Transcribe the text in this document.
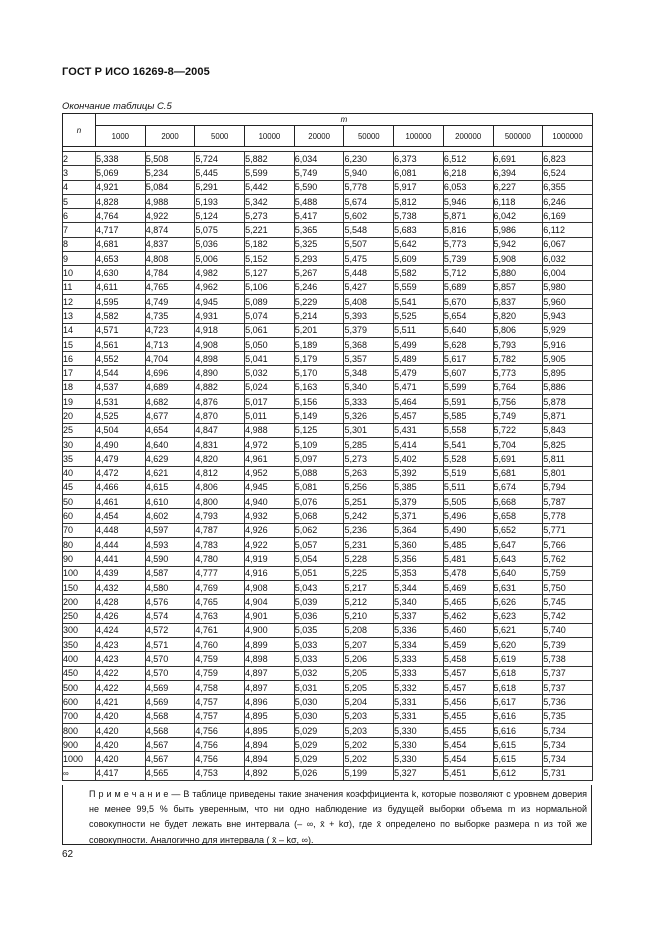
ГОСТ Р ИСО 16269-8—2005
Окончание таблицы С.5
n	m									
	1000	2000	5000	10000	20000	50000	100000	200000	500000	1000000

2	5,338	5,508	5,724	5,882	6,034	6,230	6,373	6,512	6,691	6,823
3	5,069	5,234	5,445	5,599	5,749	5,940	6,081	6,218	6,394	6,524
4	4,921	5,084	5,291	5,442	5,590	5,778	5,917	6,053	6,227	6,355
5	4,828	4,988	5,193	5,342	5,488	5,674	5,812	5,946	6,118	6,246
6	4,764	4,922	5,124	5,273	5,417	5,602	5,738	5,871	6,042	6,169
7	4,717	4,874	5,075	5,221	5,365	5,548	5,683	5,816	5,986	6,112
8	4,681	4,837	5,036	5,182	5,325	5,507	5,642	5,773	5,942	6,067
9	4,653	4,808	5,006	5,152	5,293	5,475	5,609	5,739	5,908	6,032
10	4,630	4,784	4,982	5,127	5,267	5,448	5,582	5,712	5,880	6,004
11	4,611	4,765	4,962	5,106	5,246	5,427	5,559	5,689	5,857	5,980
12	4,595	4,749	4,945	5,089	5,229	5,408	5,541	5,670	5,837	5,960
13	4,582	4,735	4,931	5,074	5,214	5,393	5,525	5,654	5,820	5,943
14	4,571	4,723	4,918	5,061	5,201	5,379	5,511	5,640	5,806	5,929
15	4,561	4,713	4,908	5,050	5,189	5,368	5,499	5,628	5,793	5,916
16	4,552	4,704	4,898	5,041	5,179	5,357	5,489	5,617	5,782	5,905
17	4,544	4,696	4,890	5,032	5,170	5,348	5,479	5,607	5,773	5,895
18	4,537	4,689	4,882	5,024	5,163	5,340	5,471	5,599	5,764	5,886
19	4,531	4,682	4,876	5,017	5,156	5,333	5,464	5,591	5,756	5,878
20	4,525	4,677	4,870	5,011	5,149	5,326	5,457	5,585	5,749	5,871
25	4,504	4,654	4,847	4,988	5,125	5,301	5,431	5,558	5,722	5,843
30	4,490	4,640	4,831	4,972	5,109	5,285	5,414	5,541	5,704	5,825
35	4,479	4,629	4,820	4,961	5,097	5,273	5,402	5,528	5,691	5,811
40	4,472	4,621	4,812	4,952	5,088	5,263	5,392	5,519	5,681	5,801
45	4,466	4,615	4,806	4,945	5,081	5,256	5,385	5,511	5,674	5,794
50	4,461	4,610	4,800	4,940	5,076	5,251	5,379	5,505	5,668	5,787
60	4,454	4,602	4,793	4,932	5,068	5,242	5,371	5,496	5,658	5,778
70	4,448	4,597	4,787	4,926	5,062	5,236	5,364	5,490	5,652	5,771
80	4,444	4,593	4,783	4,922	5,057	5,231	5,360	5,485	5,647	5,766
90	4,441	4,590	4,780	4,919	5,054	5,228	5,356	5,481	5,643	5,762
100	4,439	4,587	4,777	4,916	5,051	5,225	5,353	5,478	5,640	5,759
150	4,432	4,580	4,769	4,908	5,043	5,217	5,344	5,469	5,631	5,750
200	4,428	4,576	4,765	4,904	5,039	5,212	5,340	5,465	5,626	5,745
250	4,426	4,574	4,763	4,901	5,036	5,210	5,337	5,462	5,623	5,742
300	4,424	4,572	4,761	4,900	5,035	5,208	5,336	5,460	5,621	5,740
350	4,423	4,571	4,760	4,899	5,033	5,207	5,334	5,459	5,620	5,739
400	4,423	4,570	4,759	4,898	5,033	5,206	5,333	5,458	5,619	5,738
450	4,422	4,570	4,759	4,897	5,032	5,205	5,333	5,457	5,618	5,737
500	4,422	4,569	4,758	4,897	5,031	5,205	5,332	5,457	5,618	5,737
600	4,421	4,569	4,757	4,896	5,030	5,204	5,331	5,456	5,617	5,736
700	4,420	4,568	4,757	4,895	5,030	5,203	5,331	5,455	5,616	5,735
800	4,420	4,568	4,756	4,895	5,029	5,203	5,330	5,455	5,616	5,734
900	4,420	4,567	4,756	4,894	5,029	5,202	5,330	5,454	5,615	5,734
1000	4,420	4,567	4,756	4,894	5,029	5,202	5,330	5,454	5,615	5,734
∞	4,417	4,565	4,753	4,892	5,026	5,199	5,327	5,451	5,612	5,731

П р и м е ч а н и е — В таблице приведены такие значения коэффициента k, которые позволяют с уровнем доверия не менее 99,5 % быть уверенным, что ни одно наблюдение из будущей выборки объема m из нормальной совокупности не будет лежать вне интервала (– ∞, x̄ + kσ), где x̄ определено по выборке размера n из той же совокупности. Аналогично для интервала ( x̄ – kσ, ∞).

62
